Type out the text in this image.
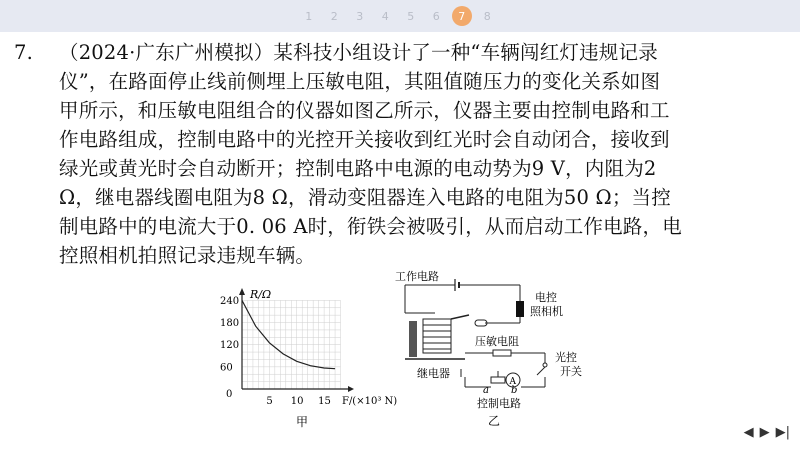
1	2	3	4	5	6	7	8
7. （2024·广东广州模拟）某科技小组设计了一种“车辆闯红灯违规记录
仪”，在路面停止线前侧埋上压敏电阻，其阻值随压力的变化关系如图
甲所示，和压敏电阻组合的仪器如图乙所示，仪器主要由控制电路和工
作电路组成，控制电路中的光控开关接收到红光时会自动闭合，接收到
绿光或黄光时会自动断开；控制电路中电源的电动势为9 V，内阻为2
Ω，继电器线圈电阻为8 Ω，滑动变阻器连入电路的电阻为50 Ω；当控
制电路中的电流大于0. 06 A时，衔铁会被吸引，从而启动工作电路，电
控照相机拍照记录违规车辆。
240
180
120
60
5 10 15
R/Ω
0
F/(×10³ N)
甲
工作电路
电控
照相机
继电器
压敏电阻
光控
开关
A
a b
控制电路
乙
◀ ▶ ▶|
